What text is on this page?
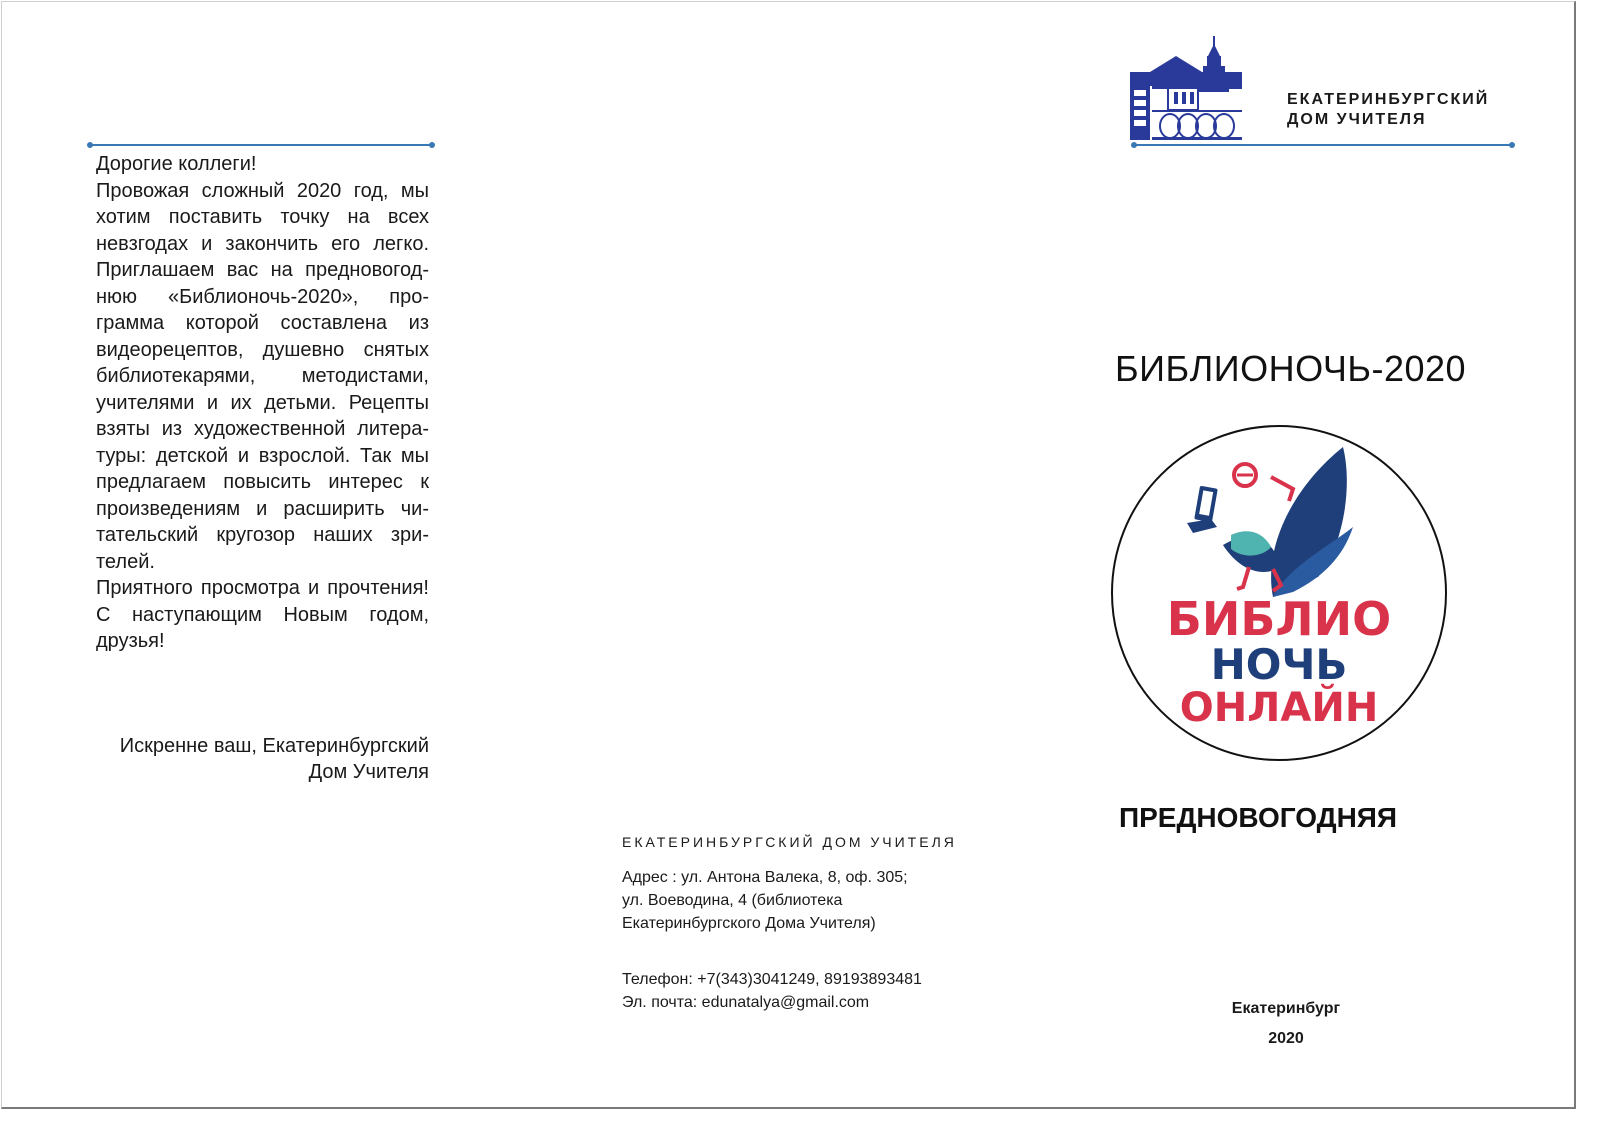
Дорогие коллеги!

Провожая сложный 2020 год, мы хотим поставить точку на всех невзгодах и закончить его легко. Приглашаем вас на предновогоднюю «Библионочь-2020», программа которой составлена из видеорецептов, душевно снятых библиотекарями, методистами, учителями и их детьми. Рецепты взяты из художественной литературы: детской и взрослой. Так мы предлагаем повысить интерес к произведениям и расширить читательский кругозор наших зрителей.

Приятного просмотра и прочтения! С наступающим Новым годом, друзья!

Искренне ваш, Екатеринбургский
Дом Учителя
ЕКАТЕРИНБУРГСКИЙ ДОМ УЧИТЕЛЯ
Адрес : ул. Антона Валека, 8, оф. 305;
ул. Воеводина, 4 (библиотека
Екатеринбургского Дома Учителя)
Телефон: +7(343)3041249, 89193893481
Эл. почта: edunatalya@gmail.com
ЕКАТЕРИНБУРГСКИЙ
ДОМ УЧИТЕЛЯ
БИБЛИОНОЧЬ-2020
БИБЛИО
НОЧЬ
ОНЛАЙН
ПРЕДНОВОГОДНЯЯ
Екатеринбург
2020
